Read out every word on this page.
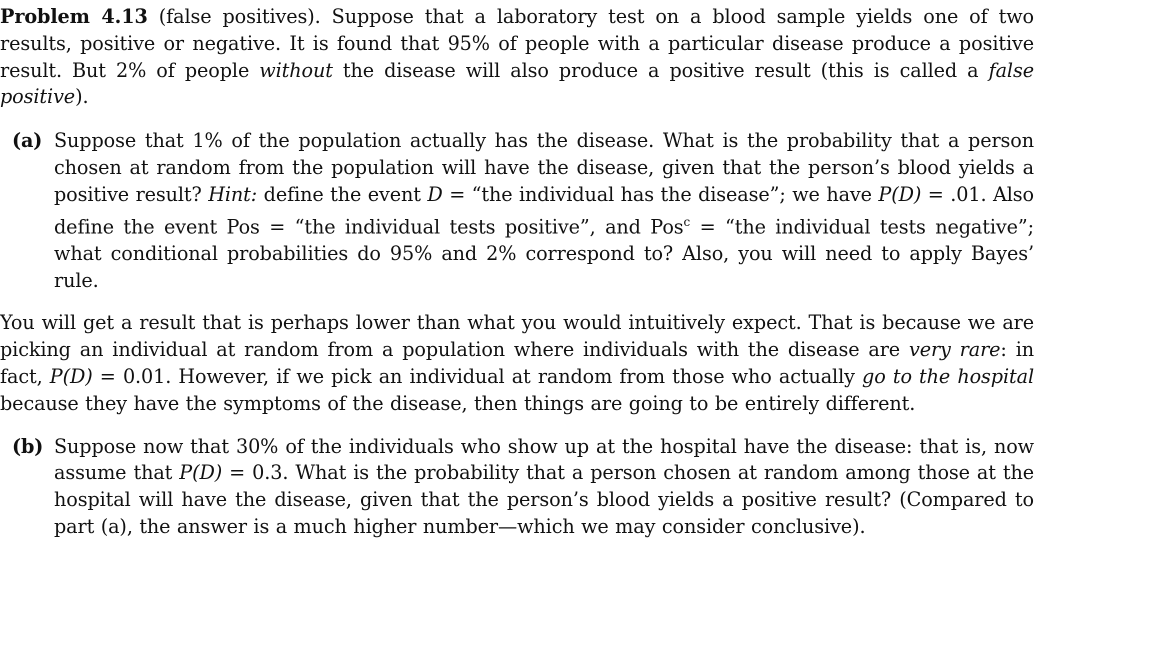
Problem 4.13 (false positives). Suppose that a laboratory test on a blood sample yields one of two results, positive or negative. It is found that 95% of people with a particular disease produce a positive result. But 2% of people without the disease will also produce a positive result (this is called a false positive).

(a) Suppose that 1% of the population actually has the disease. What is the probability that a person chosen at random from the population will have the disease, given that the person’s blood yields a positive result? Hint: define the event D = “the individual has the disease”; we have P(D) = .01. Also define the event Pos = “the individual tests positive”, and Pos$^c$ = “the individual tests negative”; what conditional probabilities do 95% and 2% correspond to? Also, you will need to apply Bayes’ rule.

You will get a result that is perhaps lower than what you would intuitively expect. That is because we are picking an individual at random from a population where individuals with the disease are very rare: in fact, P(D) = 0.01. However, if we pick an individual at random from those who actually go to the hospital because they have the symptoms of the disease, then things are going to be entirely different.

(b) Suppose now that 30% of the individuals who show up at the hospital have the disease: that is, now assume that P(D) = 0.3. What is the probability that a person chosen at random among those at the hospital will have the disease, given that the person’s blood yields a positive result? (Compared to part (a), the answer is a much higher number—which we may consider conclusive).
